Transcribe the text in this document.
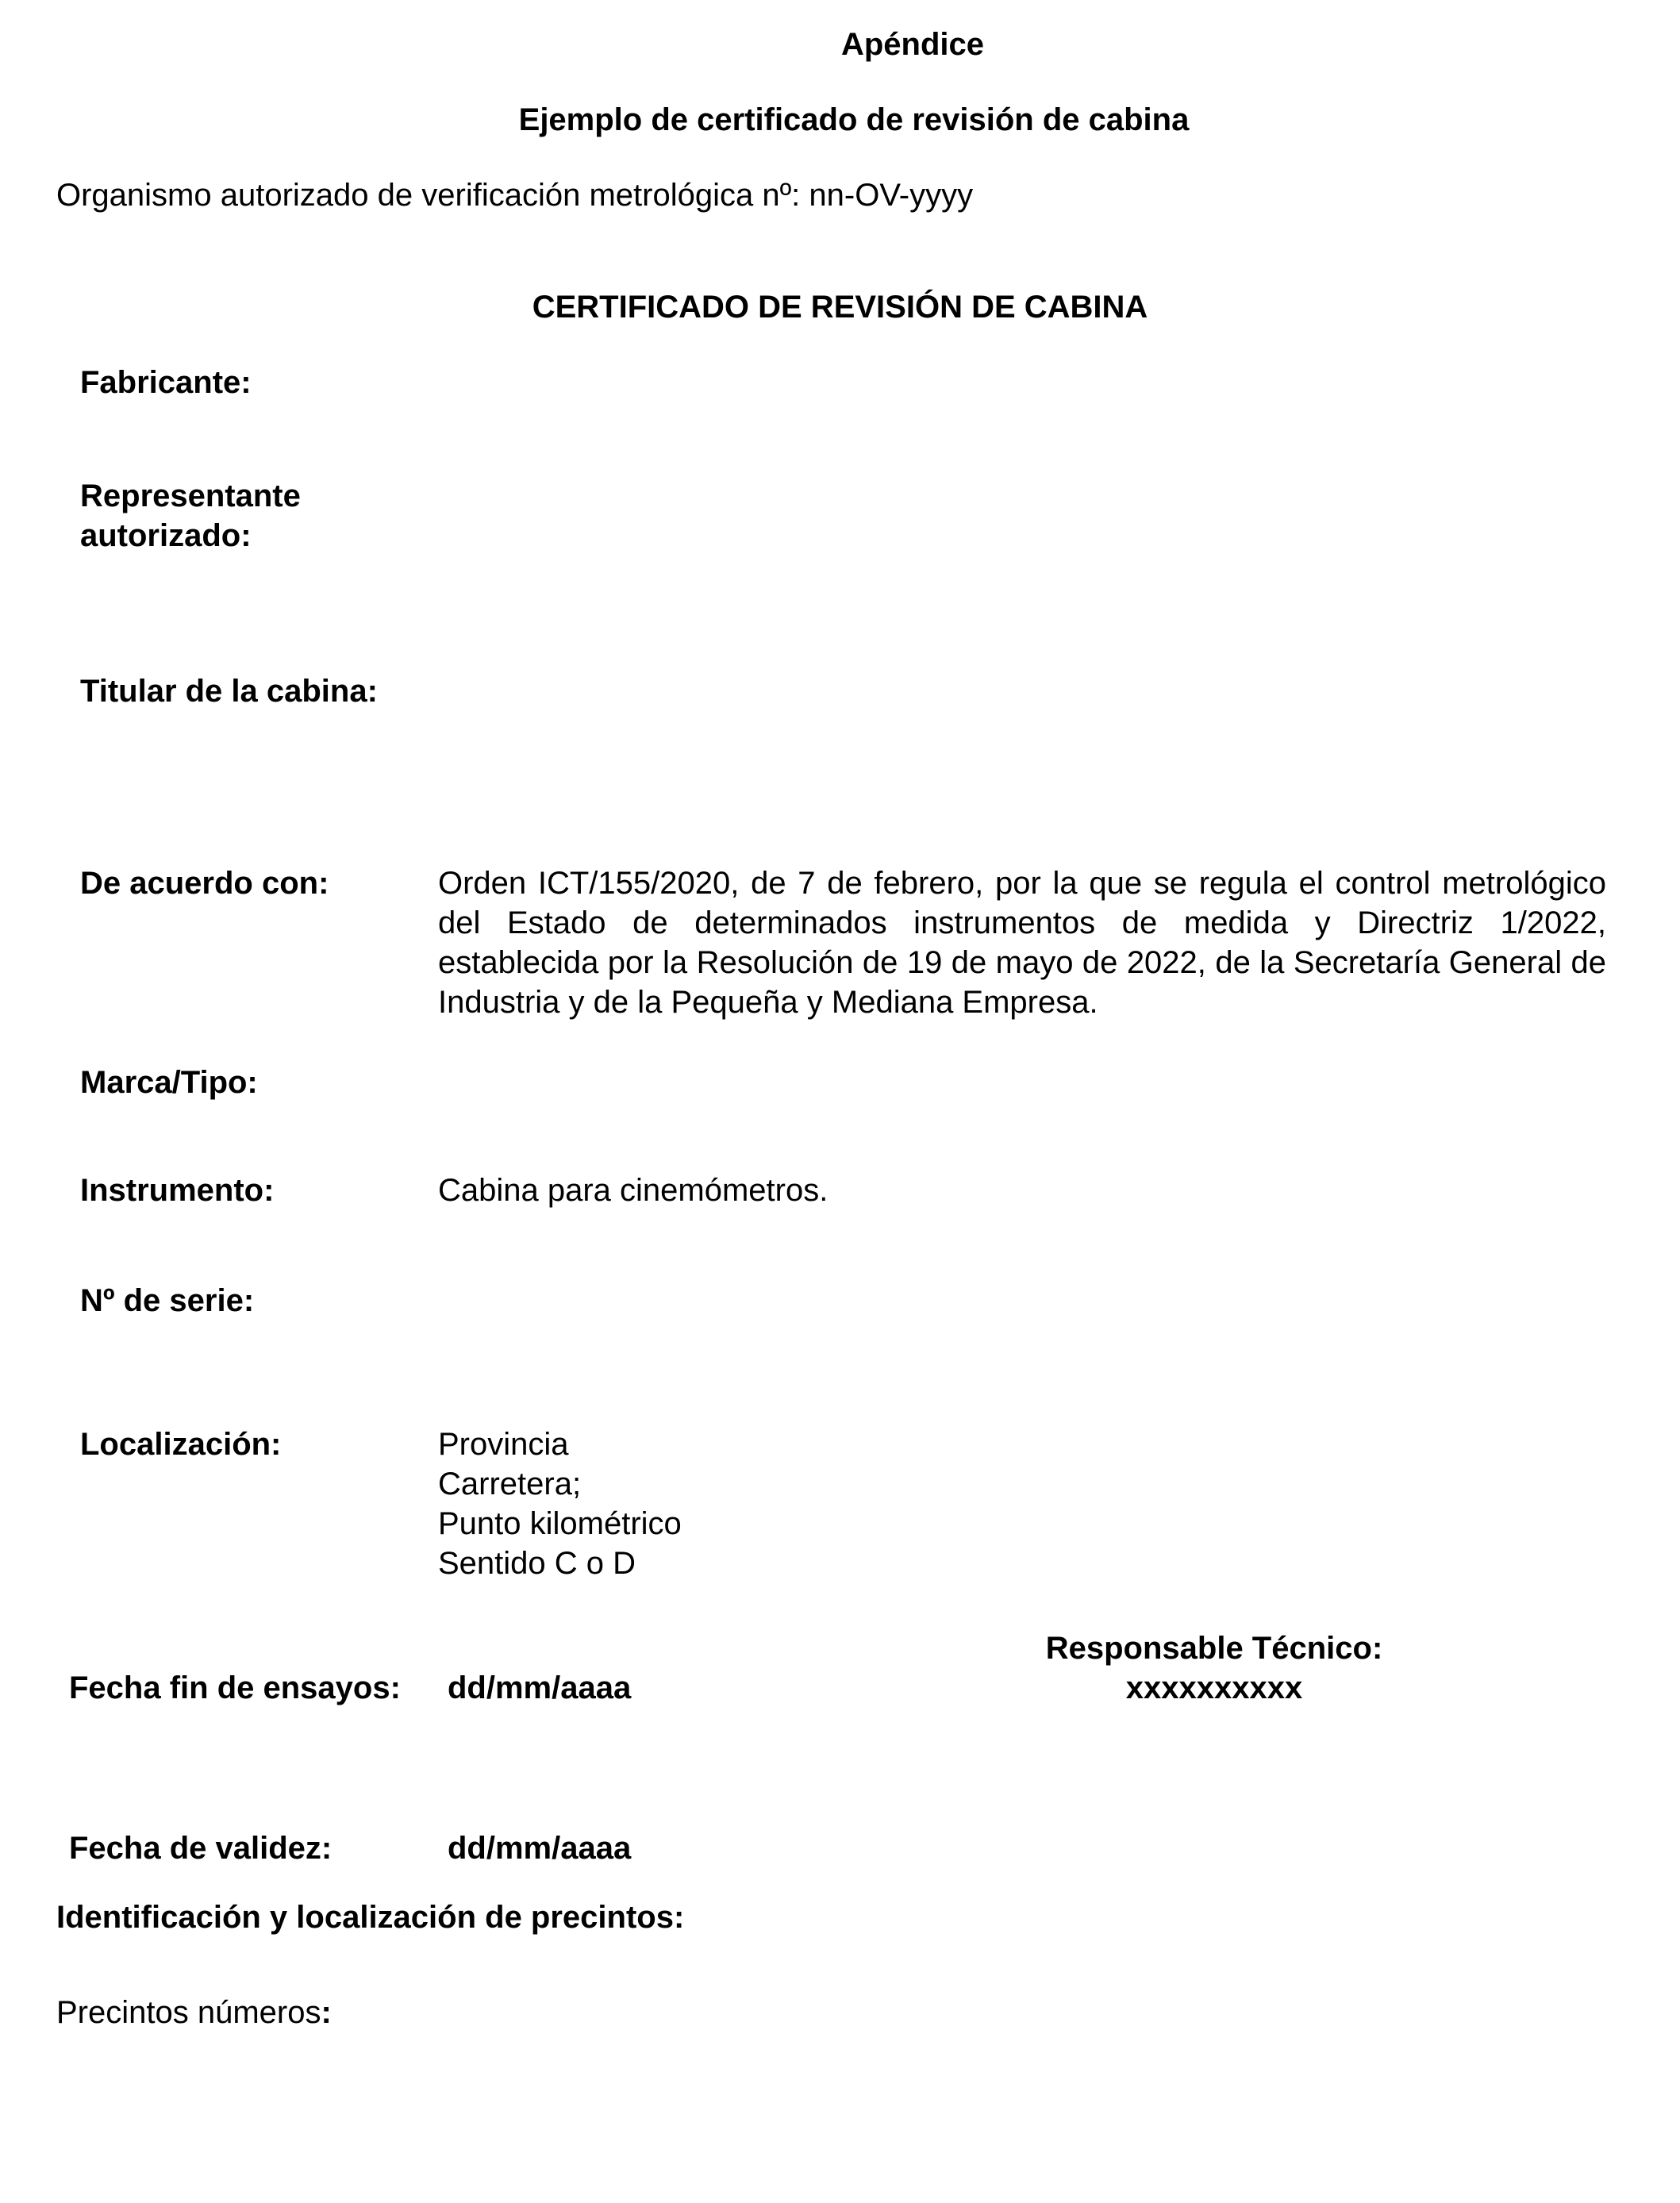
Apéndice
Ejemplo de certificado de revisión de cabina
Organismo autorizado de verificación metrológica nº: nn-OV-yyyy
CERTIFICADO DE REVISIÓN DE CABINA
Fabricante:
Representante autorizado:
Titular de la cabina:
De acuerdo con:	Orden ICT/155/2020, de 7 de febrero, por la que se regula el control metrológico del Estado de determinados instrumentos de medida y Directriz 1/2022, establecida por la Resolución de 19 de mayo de 2022, de la Secretaría General de Industria y de la Pequeña y Mediana Empresa.
Marca/Tipo:
Instrumento:	Cabina para cinemómetros.
Nº de serie:
Localización:	Provincia
Carretera;
Punto kilométrico
Sentido C o D
Responsable Técnico:
xxxxxxxxxx
Fecha fin de ensayos: dd/mm/aaaa
Fecha de validez:	dd/mm/aaaa
Identificación y localización de precintos:
Precintos números:
